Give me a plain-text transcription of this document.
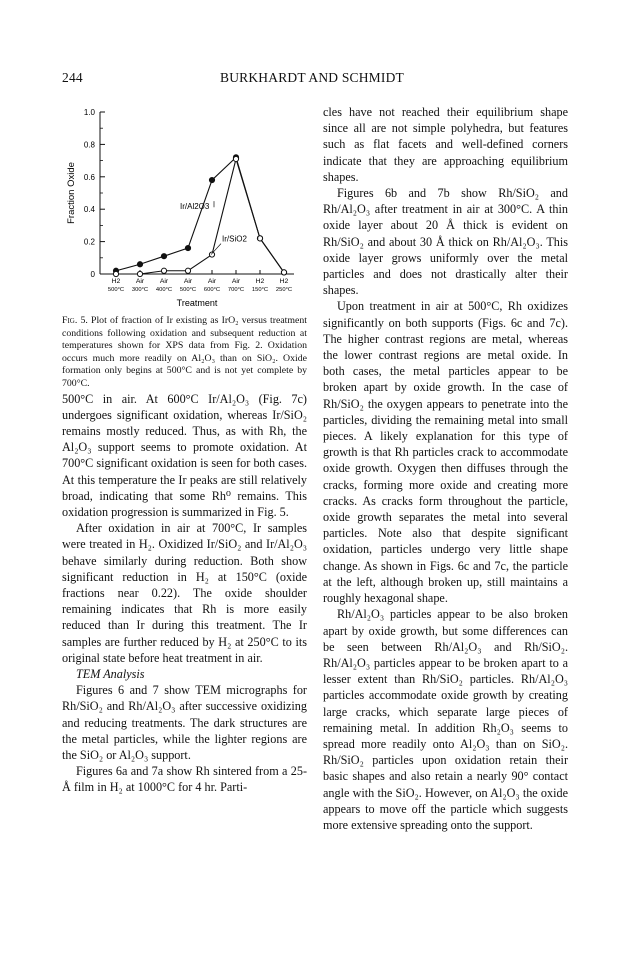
244	BURKHARDT AND SCHMIDT
0
0.2
0.4
0.6
0.8
1.0
Fraction Oxide
H2
500°C
Air
300°C
Air
400°C
Air
500°C
Air
600°C
Air
700°C
H2
150°C
H2
250°C
Treatment
Ir/Al2O3
Ir/SiO2

Fig. 5. Plot of fraction of Ir existing as IrO₂ versus treatment conditions following oxidation and subsequent reduction at temperatures shown for XPS data from Fig. 2. Oxidation occurs much more readily on Al₂O₃ than on SiO₂. Oxide formation only begins at 500°C and is not yet complete by 700°C.

500°C in air. At 600°C Ir/Al₂O₃ (Fig. 7c) undergoes significant oxidation, whereas Ir/SiO₂ remains mostly reduced. Thus, as with Rh, the Al₂O₃ support seems to promote oxidation. At 700°C significant oxidation is seen for both cases. At this temperature the Ir peaks are still relatively broad, indicating that some Rh⁰ remains. This oxidation progression is summarized in Fig. 5.

After oxidation in air at 700°C, Ir samples were treated in H₂. Oxidized Ir/SiO₂ and Ir/Al₂O₃ behave similarly during reduction. Both show significant reduction in H₂ at 150°C (oxide fractions near 0.22). The oxide shoulder remaining indicates that Rh is more easily reduced than Ir during this treatment. The Ir samples are further reduced by H₂ at 250°C to its original state before heat treatment in air.

TEM Analysis

Figures 6 and 7 show TEM micrographs for Rh/SiO₂ and Rh/Al₂O₃ after successive oxidizing and reducing treatments. The dark structures are the metal particles, while the lighter regions are the SiO₂ or Al₂O₃ support.

Figures 6a and 7a show Rh sintered from a 25-Å film in H₂ at 1000°C for 4 hr. Parti-

cles have not reached their equilibrium shape since all are not simple polyhedra, but features such as flat facets and well-defined corners indicate that they are approaching equilibrium shapes.

Figures 6b and 7b show Rh/SiO₂ and Rh/Al₂O₃ after treatment in air at 300°C. A thin oxide layer about 20 Å thick is evident on Rh/SiO₂ and about 30 Å thick on Rh/Al₂O₃. This oxide layer grows uniformly over the metal particles and does not drastically alter their shapes.

Upon treatment in air at 500°C, Rh oxidizes significantly on both supports (Figs. 6c and 7c). The higher contrast regions are metal, whereas the lower contrast regions are metal oxide. In both cases, the metal particles appear to be broken apart by oxide growth. In the case of Rh/SiO₂ the oxygen appears to penetrate into the particles, dividing the remaining metal into small pieces. A likely explanation for this type of growth is that Rh particles crack to accommodate oxide growth. Oxygen then diffuses through the cracks, forming more oxide and creating more cracks. As cracks form throughout the particle, oxide growth separates the metal into several particles. Note also that despite significant oxidation, particles undergo very little shape change. As shown in Figs. 6c and 7c, the particle at the left, although broken up, still maintains a roughly hexagonal shape.

Rh/Al₂O₃ particles appear to be also broken apart by oxide growth, but some differences can be seen between Rh/Al₂O₃ and Rh/SiO₂. Rh/Al₂O₃ particles appear to be broken apart to a lesser extent than Rh/SiO₂ particles. Rh/Al₂O₃ particles accommodate oxide growth by creating large cracks, which separate large pieces of remaining metal. In addition Rh₂O₃ seems to spread more readily onto Al₂O₃ than on SiO₂. Rh/SiO₂ particles upon oxidation retain their basic shapes and also retain a nearly 90° contact angle with the SiO₂. However, on Al₂O₃ the oxide appears to move off the particle which suggests more extensive spreading onto the support.
